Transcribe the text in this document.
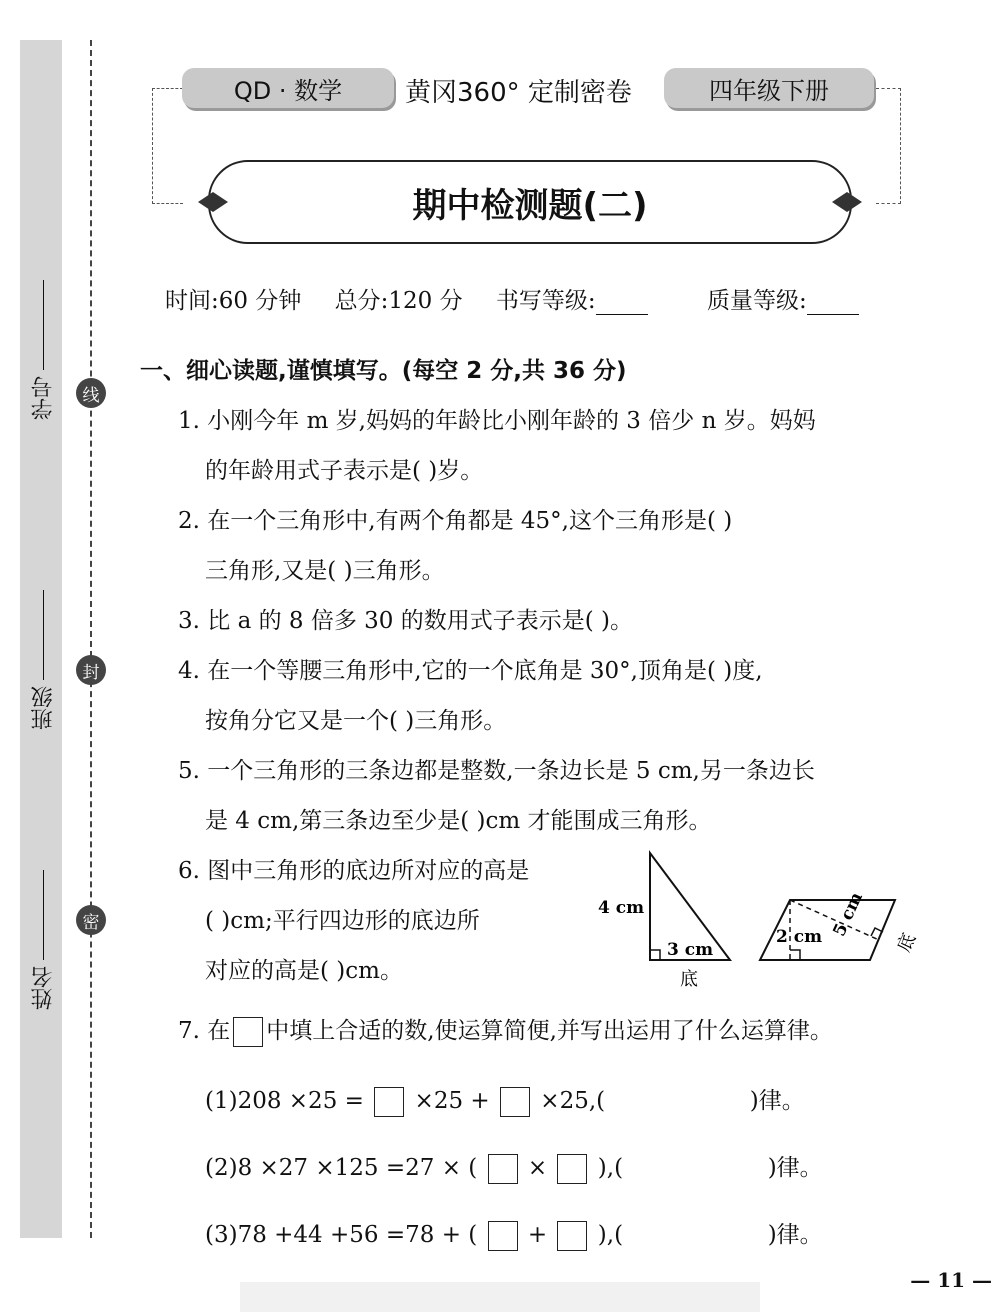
线
封
密
学号
班级
姓名
QD · 数学	黄冈360° 定制密卷	四年级下册
期中检测题(二)
时间:60 分钟 总分:120 分 书写等级:	质量等级:
一、细心读题,谨慎填写。(每空 2 分,共 36 分)
1. 小刚今年 m 岁,妈妈的年龄比小刚年龄的 3 倍少 n 岁。妈妈
的年龄用式子表示是( )岁。
2. 在一个三角形中,有两个角都是 45°,这个三角形是( )
三角形,又是( )三角形。
3. 比 a 的 8 倍多 30 的数用式子表示是( )。
4. 在一个等腰三角形中,它的一个底角是 30°,顶角是( )度,
按角分它又是一个( )三角形。
5. 一个三角形的三条边都是整数,一条边长是 5 cm,另一条边长
是 4 cm,第三条边至少是( )cm 才能围成三角形。
6. 图中三角形的底边所对应的高是
( )cm;平行四边形的底边所
对应的高是( )cm。
4 cm
3 cm
底
2 cm 5 cm
底
7. 在 中填上合适的数,使运算简便,并写出运用了什么运算律。
(1)208 ×25 = ×25 + ×25,(	)律。
(2)8 ×27 ×125 =27 × ( × ),(	)律。
(3)78 +44 +56 =78 + ( + ),(	)律。
— 11 —
